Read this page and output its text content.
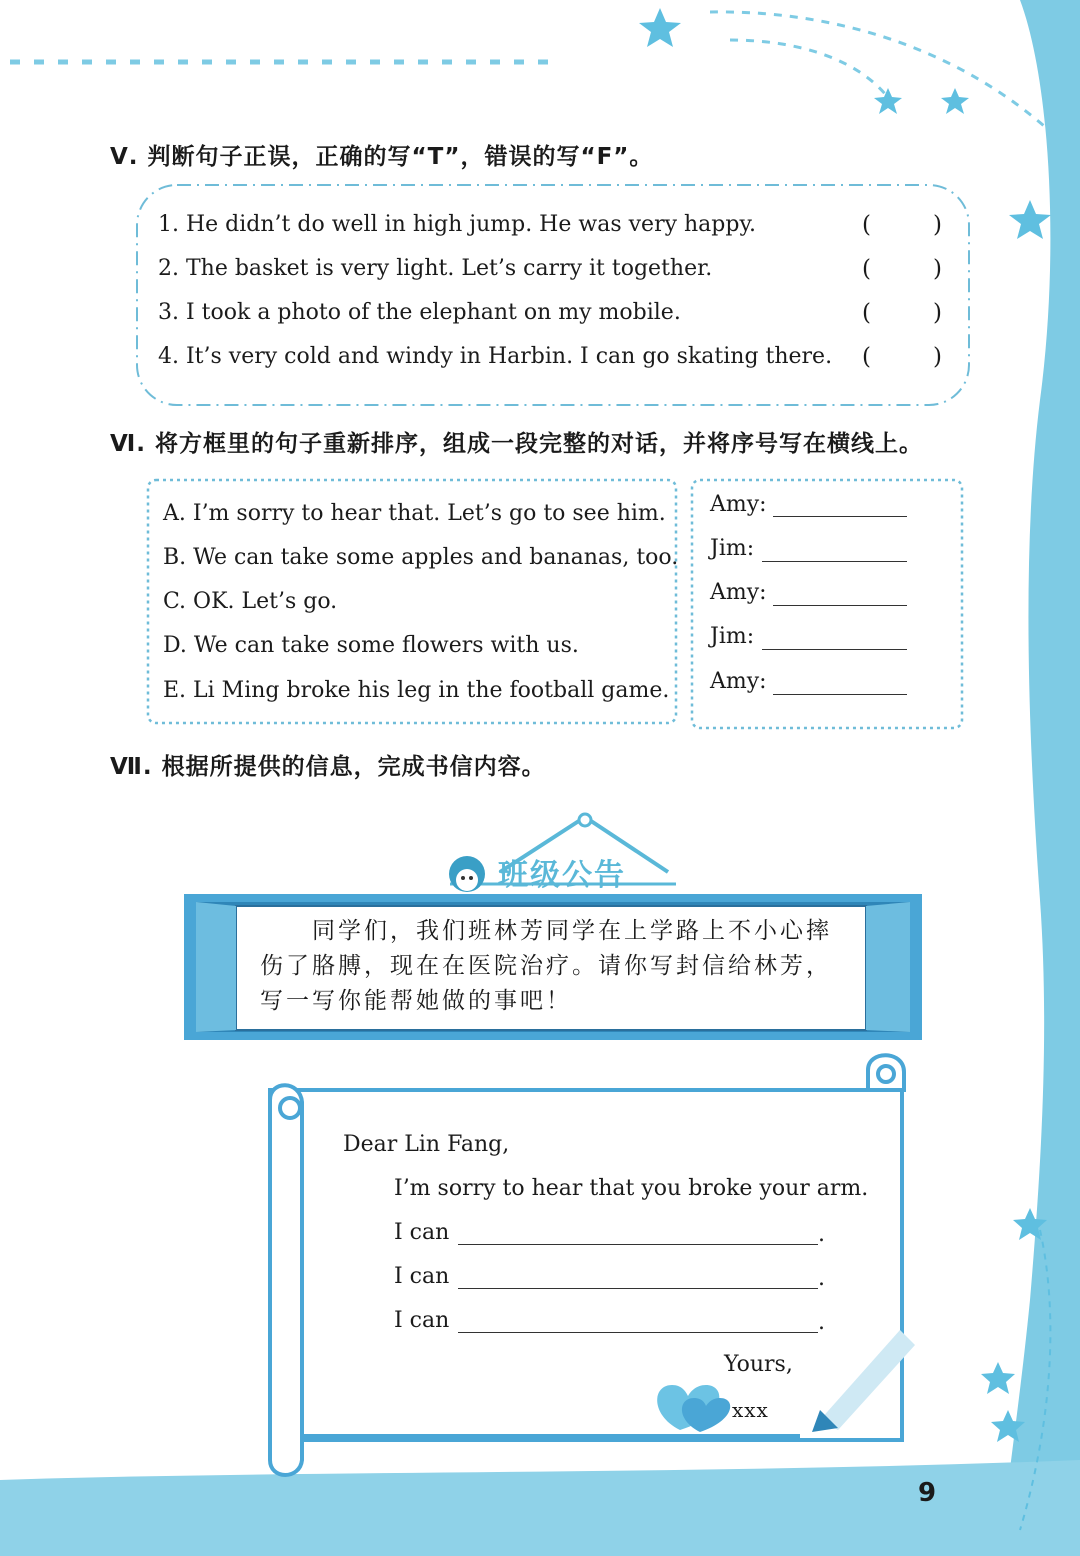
Ⅴ. 判断句子正误，正确的写“T”，错误的写“F”。
1. He didn’t do well in high jump. He was very happy.	(	)
2. The basket is very light. Let’s carry it together.	(	)
3. I took a photo of the elephant on my mobile.	(	)
4. It’s very cold and windy in Harbin. I can go skating there. (	)
Ⅵ. 将方框里的句子重新排序，组成一段完整的对话，并将序号写在横线上。
A. I’m sorry to hear that. Let’s go to see him.
B. We can take some apples and bananas, too.
C. OK. Let’s go.
D. We can take some flowers with us.
E. Li Ming broke his leg in the football game.
Amy:
Jim:
Amy:
Jim:
Amy:
Ⅶ. 根据所提供的信息，完成书信内容。
班级公告
同学们，我们班林芳同学在上学路上不小心摔
伤了胳膊，现在在医院治疗。请你写封信给林芳，
写一写你能帮她做的事吧！
Dear Lin Fang,
I’m sorry to hear that you broke your arm.
I can	.
I can	.
I can	.
Yours,
xxx
9
